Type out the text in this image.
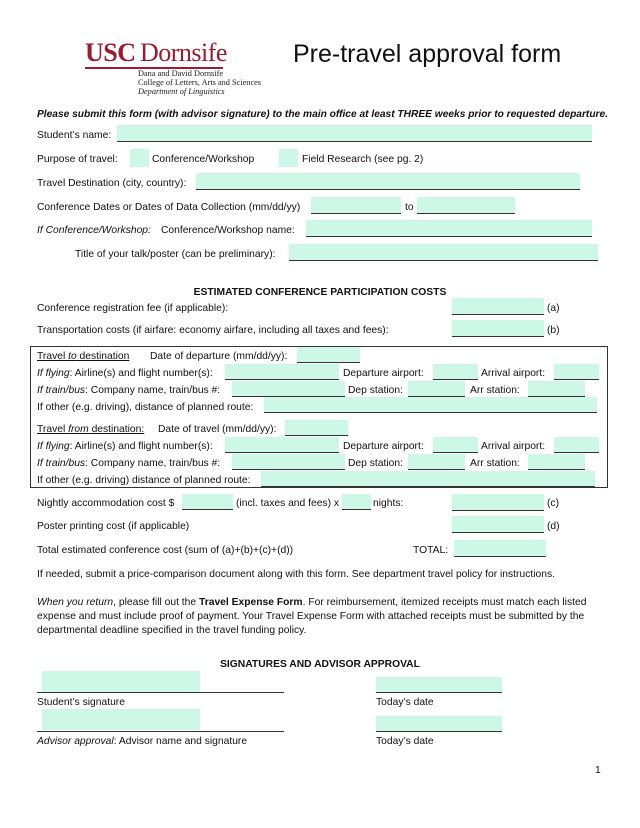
USC Dornsife
Dana and David Dornsife
College of Letters, Arts and Sciences
Department of Linguistics
Pre-travel approval form
Please submit this form (with advisor signature) to the main office at least THREE weeks prior to requested departure.
Student’s name:
Purpose of travel:	Conference/Workshop	Field Research (see pg. 2)
Travel Destination (city, country):
Conference Dates or Dates of Data Collection (mm/dd/yy)	to
If Conference/Workshop: Conference/Workshop name:
Title of your talk/poster (can be preliminary):
ESTIMATED CONFERENCE PARTICIPATION COSTS
Conference registration fee (if applicable):	(a)
Transportation costs (if airfare: economy airfare, including all taxes and fees):	(b)
Travel to destination Date of departure (mm/dd/yy):
If flying: Airline(s) and flight number(s):	Departure airport:	Arrival airport:
If train/bus: Company name, train/bus #:	Dep station:	Arr station:
If other (e.g. driving), distance of planned route:
Travel from destination: Date of travel (mm/dd/yy):
If flying: Airline(s) and flight number(s):	Departure airport:	Arrival airport:
If train/bus: Company name, train/bus #:	Dep station:	Arr station:
If other (e.g. driving) distance of planned route:
Nightly accommodation cost $	(incl. taxes and fees) x	nights:	(c)
Poster printing cost (if applicable)	(d)
Total estimated conference cost (sum of (a)+(b)+(c)+(d))	TOTAL:
If needed, submit a price-comparison document along with this form. See department travel policy for instructions.
When you return, please fill out the Travel Expense Form. For reimbursement, itemized receipts must match each listed
expense and must include proof of payment. Your Travel Expense Form with attached receipts must be submitted by the
departmental deadline specified in the travel funding policy.
SIGNATURES AND ADVISOR APPROVAL
Student’s signature	Today’s date
Advisor approval: Advisor name and signature	Today’s date
1
